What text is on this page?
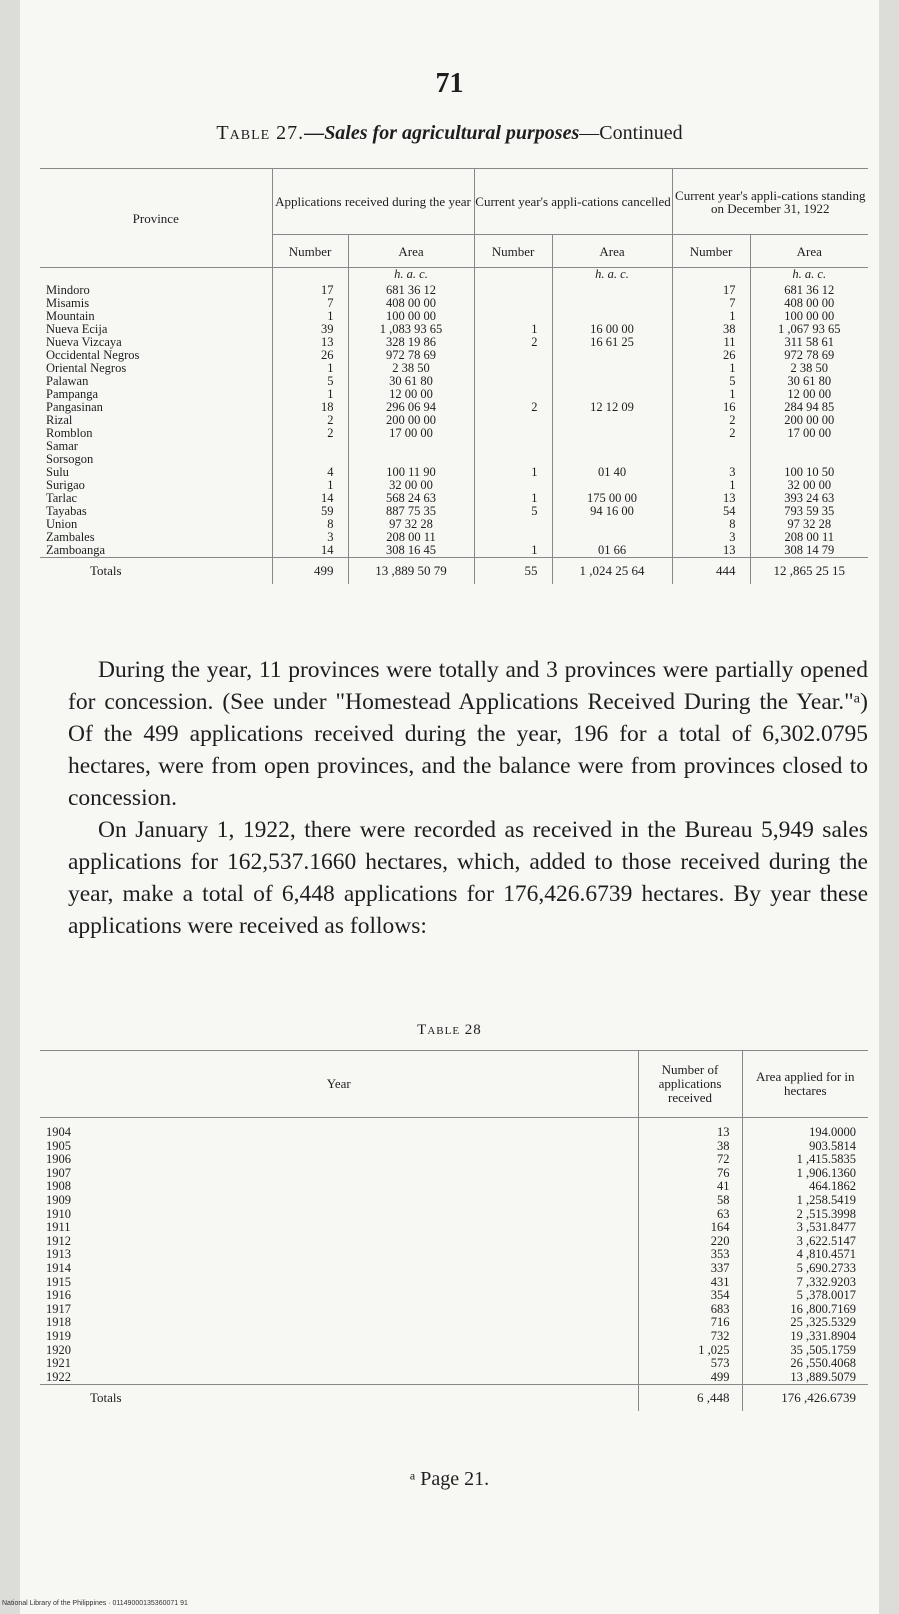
71
Table 27.—Sales for agricultural purposes—Continued
Province	Applications received during the year		Current year's appli-cations cancelled		Current year's appli-cations standing on December 31, 1922	
	Number	Area	Number	Area	Number	Area
		h. a. c.		h. a. c.		h. a. c.
Mindoro	17	681 36 12			17	681 36 12
Misamis	7	408 00 00			7	408 00 00
Mountain	1	100 00 00			1	100 00 00
Nueva Ecija	39	1 ,083 93 65	1	16 00 00	38	1 ,067 93 65
Nueva Vizcaya	13	328 19 86	2	16 61 25	11	311 58 61
Occidental Negros	26	972 78 69			26	972 78 69
Oriental Negros	1	2 38 50			1	2 38 50
Palawan	5	30 61 80			5	30 61 80
Pampanga	1	12 00 00			1	12 00 00
Pangasinan	18	296 06 94	2	12 12 09	16	284 94 85
Rizal	2	200 00 00			2	200 00 00
Romblon	2	17 00 00			2	17 00 00
Samar						
Sorsogon						
Sulu	4	100 11 90	1	01 40	3	100 10 50
Surigao	1	32 00 00			1	32 00 00
Tarlac	14	568 24 63	1	175 00 00	13	393 24 63
Tayabas	59	887 75 35	5	94 16 00	54	793 59 35
Union	8	97 32 28			8	97 32 28
Zambales	3	208 00 11			3	208 00 11
Zamboanga	14	308 16 45	1	01 66	13	308 14 79
Totals	499	13 ,889 50 79	55	1 ,024 25 64	444	12 ,865 25 15

During the year, 11 provinces were totally and 3 provinces were partially opened for concession. (See under "Homestead Applications Received During the Year."ᵃ) Of the 499 applications received during the year, 196 for a total of 6,302.0795 hectares, were from open provinces, and the balance were from provinces closed to concession.

On January 1, 1922, there were recorded as received in the Bureau 5,949 sales applications for 162,537.1660 hectares, which, added to those received during the year, make a total of 6,448 applications for 176,426.6739 hectares. By year these applications were received as follows:

Table 28
Year	Number of applications received	Area applied for in hectares
1904	13	194.0000
1905	38	903.5814
1906	72	1 ,415.5835
1907	76	1 ,906.1360
1908	41	464.1862
1909	58	1 ,258.5419
1910	63	2 ,515.3998
1911	164	3 ,531.8477
1912	220	3 ,622.5147
1913	353	4 ,810.4571
1914	337	5 ,690.2733
1915	431	7 ,332.9203
1916	354	5 ,378.0017
1917	683	16 ,800.7169
1918	716	25 ,325.5329
1919	732	19 ,331.8904
1920	1 ,025	35 ,505.1759
1921	573	26 ,550.4068
1922	499	13 ,889.5079
Totals	6 ,448	176 ,426.6739
ᵃ Page 21.
National Library of the Philippines · 01149000135360071 91
